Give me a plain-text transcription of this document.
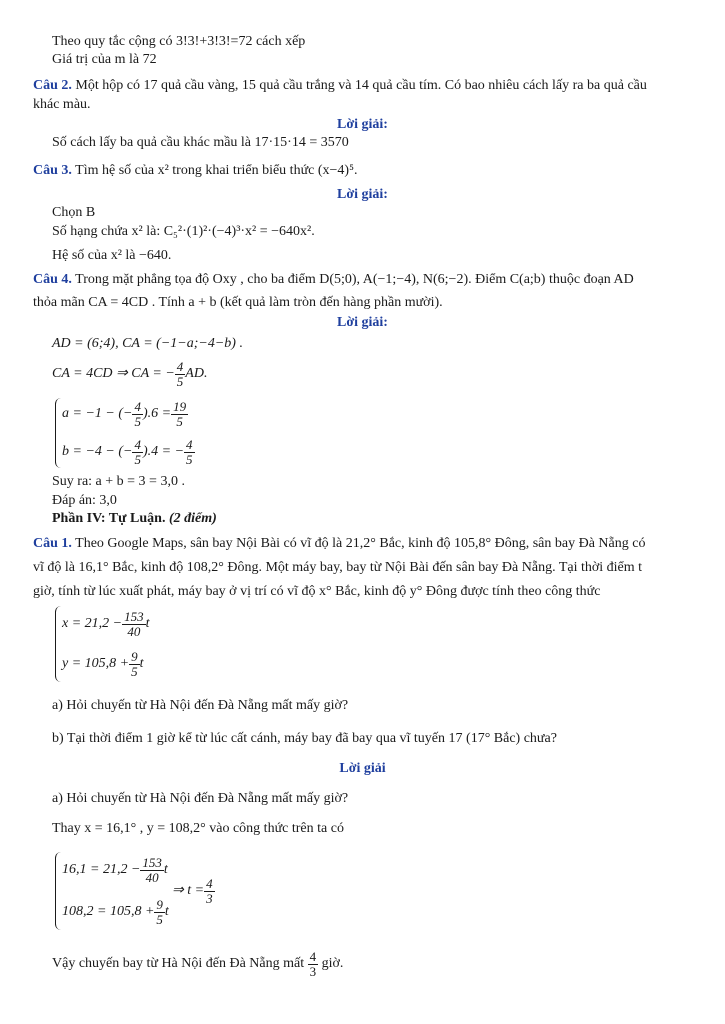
Theo quy tắc cộng có 3!3!+3!3!=72 cách xếp
Giá trị của m là 72
Câu 2. Một hộp có 17 quả cầu vàng, 15 quả cầu trắng và 14 quả cầu tím. Có bao nhiêu cách lấy ra ba quả cầu
khác màu.
Lời giải:
Số cách lấy ba quả cầu khác mầu là 17·15·14 = 3570
Câu 3. Tìm hệ số của x² trong khai triển biểu thức (x−4)⁵.
Lời giải:
Chọn B
Số hạng chứa x² là: C₅²·(1)²·(−4)³·x² = −640x².
Hệ số của x² là −640.
Câu 4. Trong mặt phẳng tọa độ Oxy , cho ba điểm D(5;0), A(−1;−4), N(6;−2). Điểm C(a;b) thuộc đoạn AD
thỏa mãn CA = 4CD . Tính a + b (kết quả làm tròn đến hàng phần mười).
Lời giải:
AD = (6;4), CA = (−1−a;−4−b) .
CA = 4CD ⇒ CA = − $\frac{4}{5}$ AD.
a = −1 − (− $\frac{4}{5} ).6 = \frac{19}{5}$
b = −4 − (− $\frac{4}{5} ).4$ = − $\frac{4}{5}$
Suy ra: a + b = 3 = 3,0 .
Đáp án: 3,0
Phần IV: Tự Luận. (2 điểm)
Câu 1. Theo Google Maps, sân bay Nội Bài có vĩ độ là 21,2° Bắc, kinh độ 105,8° Đông, sân bay Đà Nẵng có
vĩ độ là 16,1° Bắc, kinh độ 108,2° Đông. Một máy bay, bay từ Nội Bài đến sân bay Đà Nẵng. Tại thời điểm t
giờ, tính từ lúc xuất phát, máy bay ở vị trí có vĩ độ x° Bắc, kinh độ y° Đông được tính theo công thức
$x = 21,2 - \frac{153}{40}$ t
$y = 105,8 + \frac{9}{5}$ t
a) Hỏi chuyến từ Hà Nội đến Đà Nẵng mất mấy giờ?
b) Tại thời điểm 1 giờ kể từ lúc cất cánh, máy bay đã bay qua vĩ tuyến 17 (17° Bắc) chưa?
Lời giải
a) Hỏi chuyến từ Hà Nội đến Đà Nẵng mất mấy giờ?
Thay x = 16,1° , y = 108,2° vào công thức trên ta có
$16,1 = 21,2 - \frac{153}{40}$ t
$108,2 = 105,8 + \frac{9}{5}$ t
⇒ $t = \frac{4}{3}$
Vậy chuyến bay từ Hà Nội đến Đà Nẵng mất
$\frac{4}{3}$
giờ.
